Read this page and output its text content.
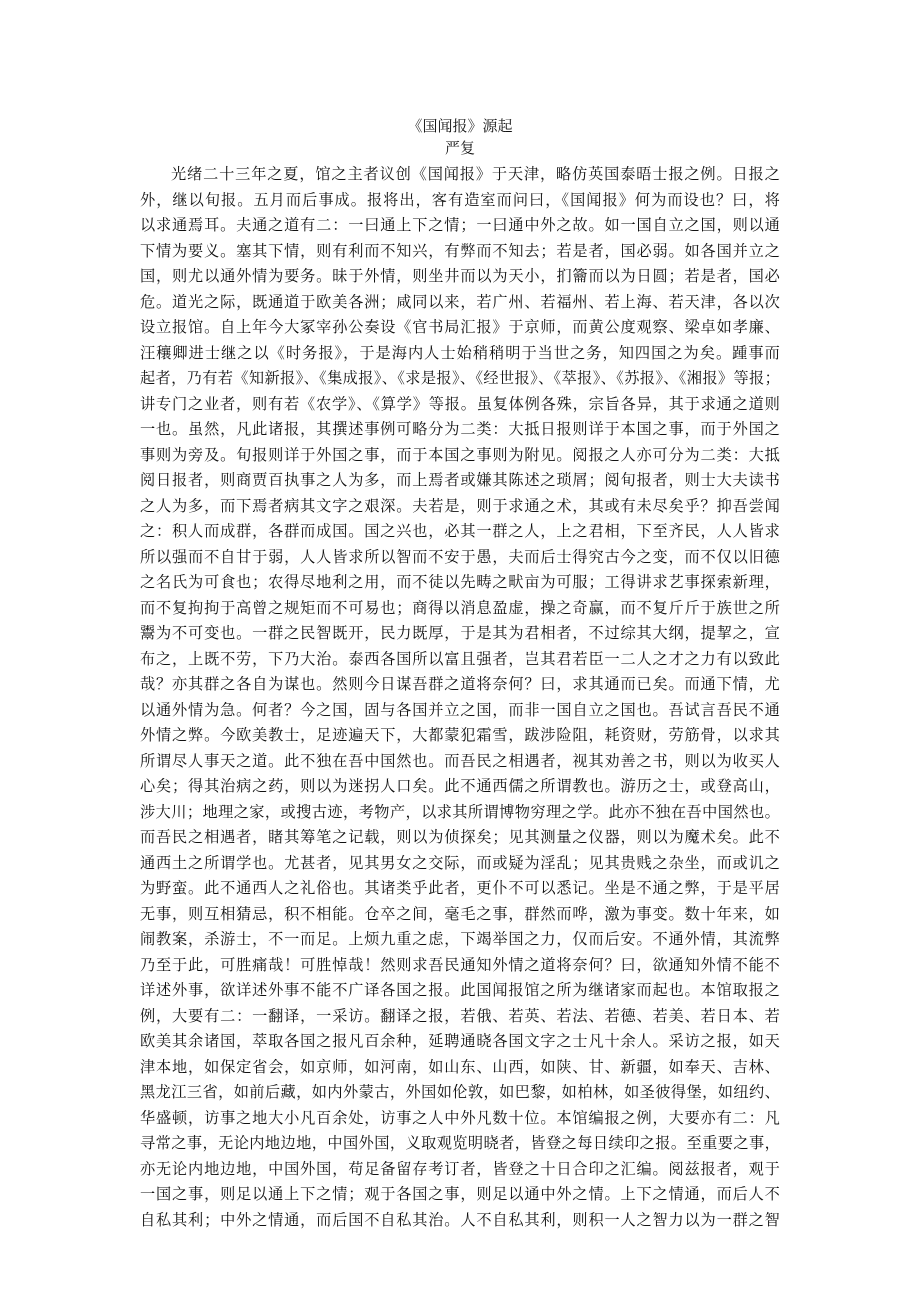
《国闻报》源起
严复
光绪二十三年之夏，馆之主者议创《国闻报》于天津，略仿英国泰晤士报之例。日报之
外，继以旬报。五月而后事成。报将出，客有造室而问曰，《国闻报》何为而设也？曰，将
以求通焉耳。夫通之道有二：一曰通上下之情；一曰通中外之故。如一国自立之国，则以通
下情为要义。塞其下情，则有利而不知兴，有弊而不知去；若是者，国必弱。如各国并立之
国，则尤以通外情为要务。昧于外情，则坐井而以为天小，扪籥而以为日圆；若是者，国必
危。道光之际，既通道于欧美各洲；咸同以来，若广州、若福州、若上海、若天津，各以次
设立报馆。自上年今大冢宰孙公奏设《官书局汇报》于京师，而黄公度观察、梁卓如孝廉、
汪穰卿进士继之以《时务报》，于是海内人士始稍稍明于当世之务，知四国之为矣。踵事而
起者，乃有若《知新报》、《集成报》、《求是报》、《经世报》、《萃报》、《苏报》、《湘报》等报；
讲专门之业者，则有若《农学》、《算学》等报。虽复体例各殊，宗旨各异，其于求通之道则
一也。虽然，凡此诸报，其撰述事例可略分为二类：大抵日报则详于本国之事，而于外国之
事则为旁及。旬报则详于外国之事，而于本国之事则为附见。阅报之人亦可分为二类：大抵
阅日报者，则商贾百执事之人为多，而上焉者或嫌其陈述之琐屑；阅旬报者，则士大夫读书
之人为多，而下焉者病其文字之艰深。夫若是，则于求通之术，其或有未尽矣乎？抑吾尝闻
之：积人而成群，各群而成国。国之兴也，必其一群之人，上之君相，下至齐民，人人皆求
所以强而不自甘于弱，人人皆求所以智而不安于愚，夫而后士得究古今之变，而不仅以旧德
之名氏为可食也；农得尽地利之用，而不徒以先畴之畎亩为可服；工得讲求艺事探索新理，
而不复拘拘于高曾之规矩而不可易也；商得以消息盈虚，操之奇赢，而不复斤斤于族世之所
鬻为不可变也。一群之民智既开，民力既厚，于是其为君相者，不过综其大纲，提挈之，宣
布之，上既不劳，下乃大治。泰西各国所以富且强者，岂其君若臣一二人之才之力有以致此
哉？亦其群之各自为谋也。然则今日谋吾群之道将奈何？曰，求其通而已矣。而通下情，尤
以通外情为急。何者？今之国，固与各国并立之国，而非一国自立之国也。吾试言吾民不通
外情之弊。今欧美教士，足迹遍天下，大都蒙犯霜雪，跋涉险阻，耗资财，劳筋骨，以求其
所谓尽人事天之道。此不独在吾中国然也。而吾民之相遇者，视其劝善之书，则以为收买人
心矣；得其治病之药，则以为迷拐人口矣。此不通西儒之所谓教也。游历之士，或登高山，
涉大川；地理之家，或搜古迹，考物产，以求其所谓博物穷理之学。此亦不独在吾中国然也。
而吾民之相遇者，睹其筹笔之记载，则以为侦探矣；见其测量之仪器，则以为魔术矣。此不
通西土之所谓学也。尤甚者，见其男女之交际，而或疑为淫乱；见其贵贱之杂坐，而或讥之
为野蛮。此不通西人之礼俗也。其诸类乎此者，更仆不可以悉记。坐是不通之弊，于是平居
无事，则互相猜忌，积不相能。仓卒之间，毫毛之事，群然而哗，激为事变。数十年来，如
闹教案，杀游士，不一而足。上烦九重之虑，下竭举国之力，仅而后安。不通外情，其流弊
乃至于此，可胜痛哉！可胜悼哉！然则求吾民通知外情之道将奈何？曰，欲通知外情不能不
详述外事，欲详述外事不能不广译各国之报。此国闻报馆之所为继诸家而起也。本馆取报之
例，大要有二：一翻译，一采访。翻译之报，若俄、若英、若法、若德、若美、若日本、若
欧美其余诸国，萃取各国之报凡百余种，延聘通晓各国文字之士凡十余人。采访之报，如天
津本地，如保定省会，如京师，如河南，如山东、山西，如陕、甘、新疆，如奉天、吉林、
黑龙江三省，如前后藏，如内外蒙古，外国如伦敦，如巴黎，如柏林，如圣彼得堡，如纽约、
华盛顿，访事之地大小凡百余处，访事之人中外凡数十位。本馆编报之例，大要亦有二：凡
寻常之事，无论内地边地，中国外国，义取观览明晓者，皆登之每日续印之报。至重要之事，
亦无论内地边地，中国外国，苟足备留存考订者，皆登之十日合印之汇编。阅兹报者，观于
一国之事，则足以通上下之情；观于各国之事，则足以通中外之情。上下之情通，而后人不
自私其利；中外之情通，而后国不自私其治。人不自私其利，则积一人之智力以为一群之智
